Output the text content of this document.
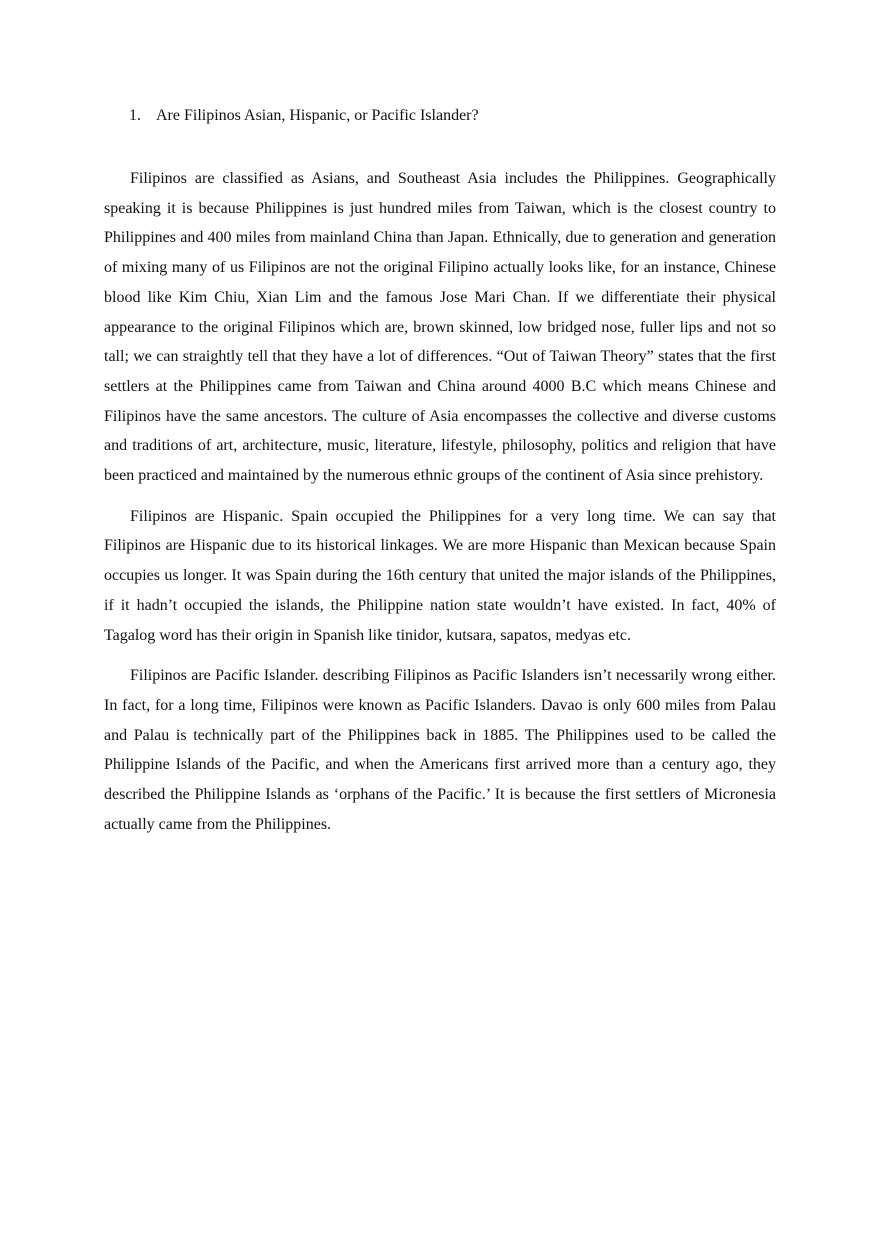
1. Are Filipinos Asian, Hispanic, or Pacific Islander?

Filipinos are classified as Asians, and Southeast Asia includes the Philippines. Geographically speaking it is because Philippines is just hundred miles from Taiwan, which is the closest country to Philippines and 400 miles from mainland China than Japan. Ethnically, due to generation and generation of mixing many of us Filipinos are not the original Filipino actually looks like, for an instance, Chinese blood like Kim Chiu, Xian Lim and the famous Jose Mari Chan. If we differentiate their physical appearance to the original Filipinos which are, brown skinned, low bridged nose, fuller lips and not so tall; we can straightly tell that they have a lot of differences. “Out of Taiwan Theory” states that the first settlers at the Philippines came from Taiwan and China around 4000 B.C which means Chinese and Filipinos have the same ancestors. The culture of Asia encompasses the collective and diverse customs and traditions of art, architecture, music, literature, lifestyle, philosophy, politics and religion that have been practiced and maintained by the numerous ethnic groups of the continent of Asia since prehistory.

Filipinos are Hispanic. Spain occupied the Philippines for a very long time. We can say that Filipinos are Hispanic due to its historical linkages. We are more Hispanic than Mexican because Spain occupies us longer. It was Spain during the 16th century that united the major islands of the Philippines, if it hadn’t occupied the islands, the Philippine nation state wouldn’t have existed. In fact, 40% of Tagalog word has their origin in Spanish like tinidor, kutsara, sapatos, medyas etc.

Filipinos are Pacific Islander. describing Filipinos as Pacific Islanders isn’t necessarily wrong either. In fact, for a long time, Filipinos were known as Pacific Islanders. Davao is only 600 miles from Palau and Palau is technically part of the Philippines back in 1885. The Philippines used to be called the Philippine Islands of the Pacific, and when the Americans first arrived more than a century ago, they described the Philippine Islands as ‘orphans of the Pacific.’ It is because the first settlers of Micronesia actually came from the Philippines.
